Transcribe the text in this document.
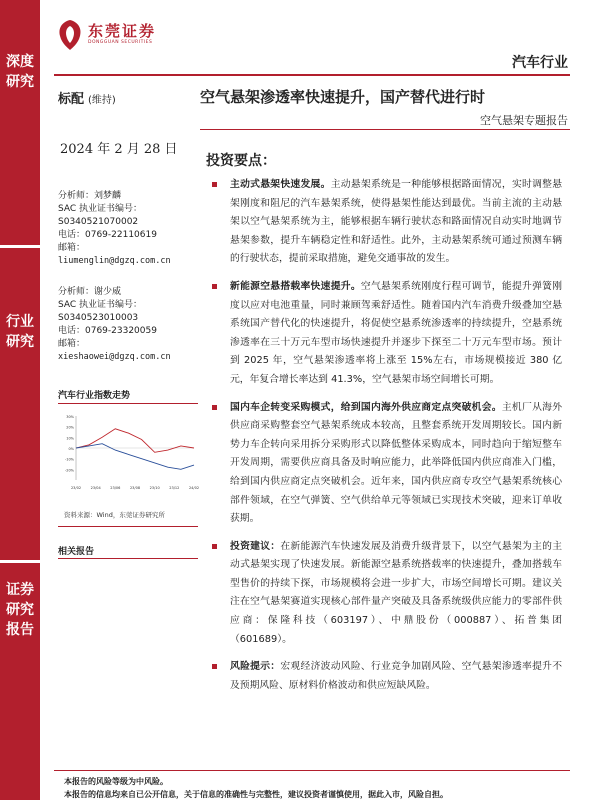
深度研究
行业研究
证券研究报告
东莞证券
DONGGUAN SECURITIES
汽车行业
标配 (维持)	空气悬架渗透率快速提升，国产替代进行时
空气悬架专题报告
2024 年 2 月 28 日
分析师：刘梦麟
SAC 执业证书编号：
S0340521070002
电话：0769-22110619
邮箱：
liumenglin@dgzq.com.cn
分析师：谢少威
SAC 执业证书编号：
S0340523010003
电话：0769-23320059
邮箱：
xieshaowei@dgzq.com.cn
汽车行业指数走势
30%
20%
10%
0%
-10%
-20%
23/02	23/04	23/06	23/08	23/10	23/12	24/02
资料来源：Wind，东莞证券研究所
相关报告
投资要点：
主动式悬架快速发展。主动悬架系统是一种能够根据路面情况，实时调整悬架刚度和阻尼的汽车悬架系统，使得悬架性能达到最优。当前主流的主动悬架以空气悬架系统为主，能够根据车辆行驶状态和路面情况自动实时地调节悬架参数，提升车辆稳定性和舒适性。此外，主动悬架系统可通过预测车辆的行驶状态，提前采取措施，避免交通事故的发生。
新能源空悬搭载率快速提升。空气悬架系统刚度行程可调节，能提升弹簧刚度以应对电池重量，同时兼顾驾乘舒适性。随着国内汽车消费升级叠加空悬系统国产替代化的快速提升，将促使空悬系统渗透率的持续提升，空悬系统渗透率在三十万元车型市场快速提升并逐步下探至二十万元车型市场。预计到 2025 年，空气悬架渗透率将上涨至 15%左右，市场规模接近 380 亿元，年复合增长率达到 41.3%，空气悬架市场空间增长可期。
国内车企转变采购模式，给到国内海外供应商定点突破机会。主机厂从海外供应商采购整套空气悬架系统成本较高，且整套系统开发周期较长。国内新势力车企转向采用拆分采购形式以降低整体采购成本，同时趋向于缩短整车开发周期，需要供应商具备及时响应能力，此举降低国内供应商准入门槛，给到国内供应商定点突破机会。近年来，国内供应商专攻空气悬架系统核心部件领域，在空气弹簧、空气供给单元等领域已实现技术突破，迎来订单收获期。
投资建议：在新能源汽车快速发展及消费升级背景下，以空气悬架为主的主动式悬架实现了快速发展。新能源空悬系统搭载率的快速提升，叠加搭载车型售价的持续下探，市场规模将会进一步扩大，市场空间增长可期。建议关注在空气悬架赛道实现核心部件量产突破及具备系统级供应能力的零部件供应商：保隆科技（603197）、中鼎股份（000887）、拓普集团（601689）。
风险提示：宏观经济波动风险、行业竞争加剧风险、空气悬架渗透率提升不及预期风险、原材料价格波动和供应短缺风险。
本报告的风险等级为中风险。
本报告的信息均来自已公开信息，关于信息的准确性与完整性，建议投资者谨慎使用，据此入市，风险自担。
